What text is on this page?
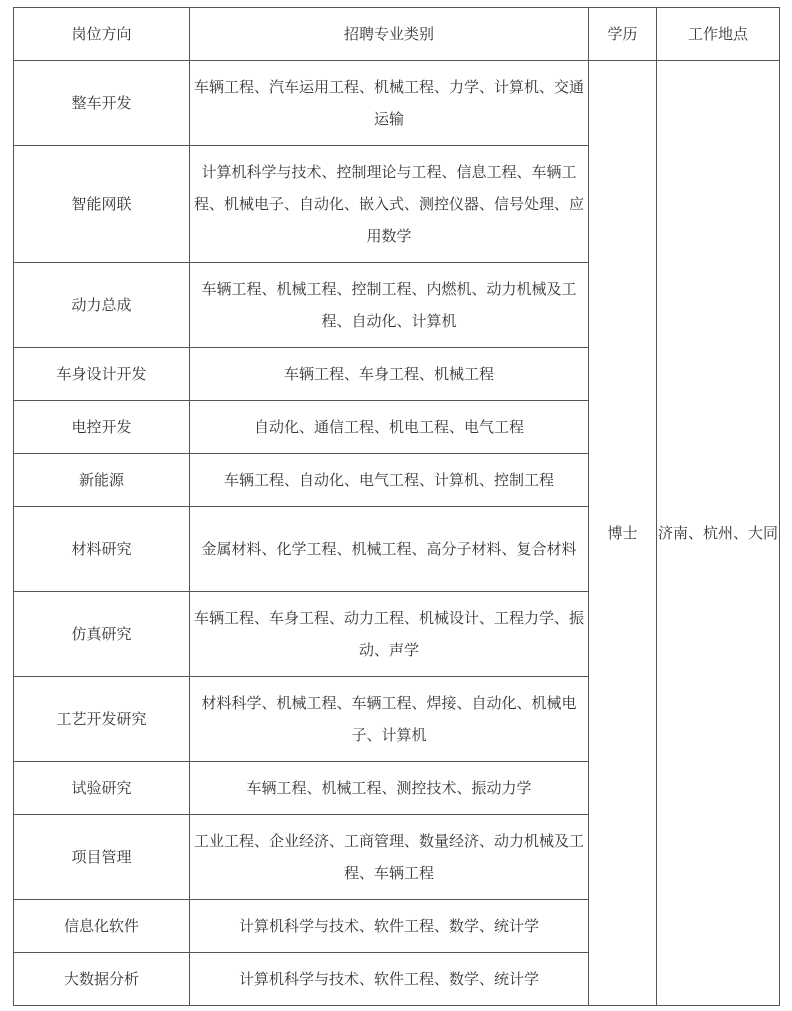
岗位方向	招聘专业类别	学历	工作地点
整车开发	车辆工程、汽车运用工程、机械工程、力学、计算机、交通运输	博士	济南、杭州、大同
智能网联	计算机科学与技术、控制理论与工程、信息工程、车辆工程、机械电子、自动化、嵌入式、测控仪器、信号处理、应用数学		
动力总成	车辆工程、机械工程、控制工程、内燃机、动力机械及工程、自动化、计算机		
车身设计开发	车辆工程、车身工程、机械工程		
电控开发	自动化、通信工程、机电工程、电气工程		
新能源	车辆工程、自动化、电气工程、计算机、控制工程		
材料研究	金属材料、化学工程、机械工程、高分子材料、复合材料		
仿真研究	车辆工程、车身工程、动力工程、机械设计、工程力学、振动、声学		
工艺开发研究	材料科学、机械工程、车辆工程、焊接、自动化、机械电子、计算机		
试验研究	车辆工程、机械工程、测控技术、振动力学		
项目管理	工业工程、企业经济、工商管理、数量经济、动力机械及工程、车辆工程		
信息化软件	计算机科学与技术、软件工程、数学、统计学		
大数据分析	计算机科学与技术、软件工程、数学、统计学		
